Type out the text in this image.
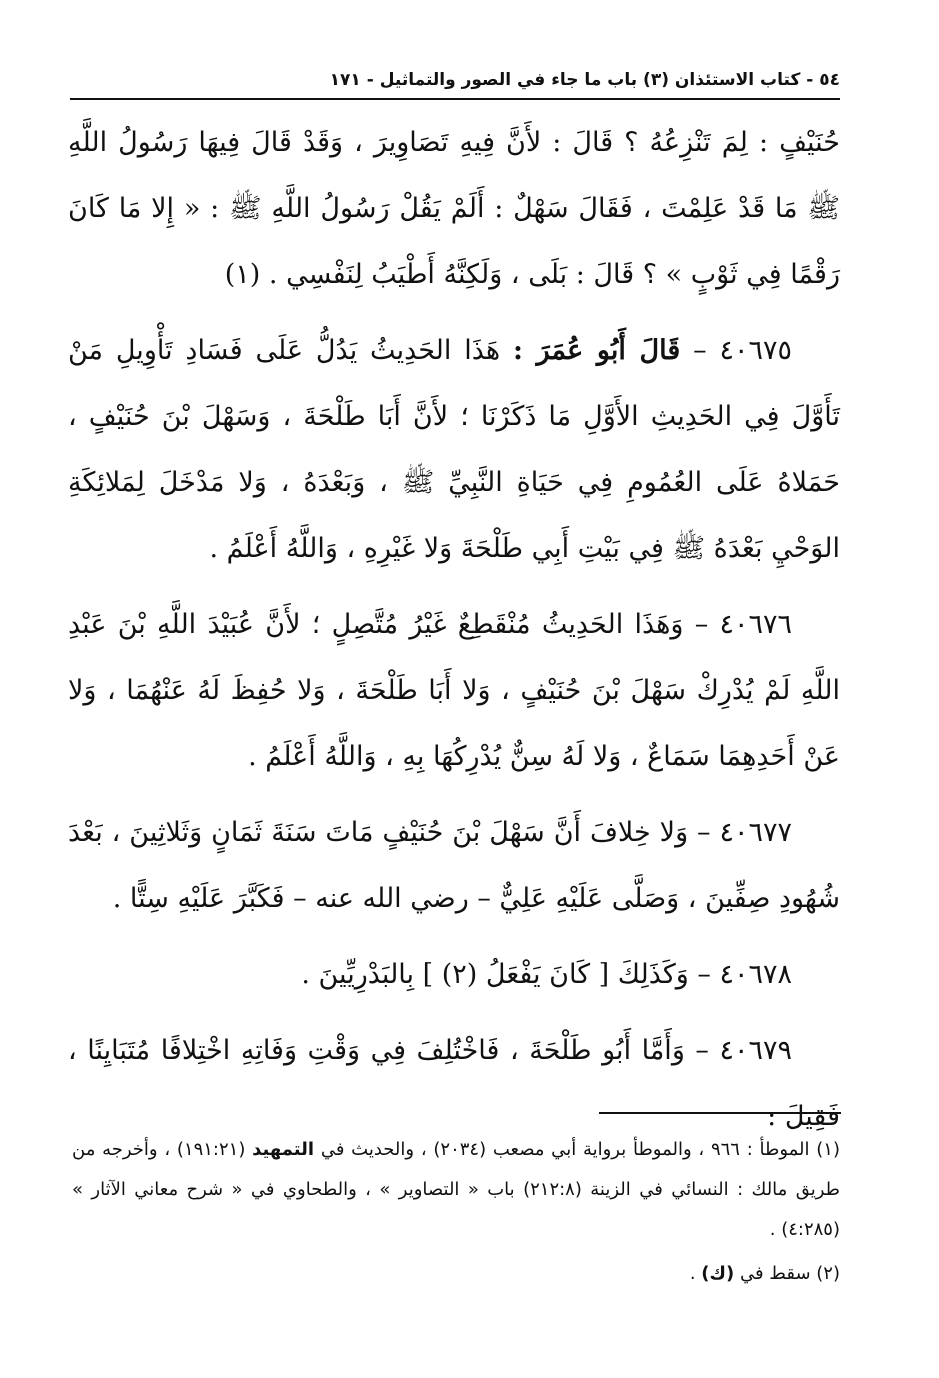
٥٤ - كتاب الاستئذان (٣) باب ما جاء في الصور والتماثيل - ١٧١

حُنَيْفٍ : لِمَ تَنْزِعُهُ ؟ قَالَ : لأَنَّ فِيهِ تَصَاوِيرَ ، وَقَدْ قَالَ فِيهَا رَسُولُ اللَّهِ ﷺ مَا قَدْ عَلِمْتَ ، فَقَالَ سَهْلٌ : أَلَمْ يَقُلْ رَسُولُ اللَّهِ ﷺ : « إِلا مَا كَانَ رَقْمًا فِي ثَوْبٍ » ؟ قَالَ : بَلَى ، وَلَكِنَّهُ أَطْيَبُ لِنَفْسِي . (١)

٤٠٦٧٥ – قَالَ أَبُو عُمَرَ : هَذَا الحَدِيثُ يَدُلُّ عَلَى فَسَادِ تَأْوِيلِ مَنْ تَأَوَّلَ فِي الحَدِيثِ الأَوَّلِ مَا ذَكَرْنَا ؛ لأَنَّ أَبَا طَلْحَةَ ، وَسَهْلَ بْنَ حُنَيْفٍ ، حَمَلاهُ عَلَى العُمُومِ فِي حَيَاةِ النَّبِيِّ ﷺ ، وَبَعْدَهُ ، وَلا مَدْخَلَ لِمَلائِكَةِ الوَحْيِ بَعْدَهُ ﷺ فِي بَيْتِ أَبِي طَلْحَةَ وَلا غَيْرِهِ ، وَاللَّهُ أَعْلَمُ .

٤٠٦٧٦ – وَهَذَا الحَدِيثُ مُنْقَطِعٌ غَيْرُ مُتَّصِلٍ ؛ لأَنَّ عُبَيْدَ اللَّهِ بْنَ عَبْدِ اللَّهِ لَمْ يُدْرِكْ سَهْلَ بْنَ حُنَيْفٍ ، وَلا أَبَا طَلْحَةَ ، وَلا حُفِظَ لَهُ عَنْهُمَا ، وَلا عَنْ أَحَدِهِمَا سَمَاعٌ ، وَلا لَهُ سِنٌّ يُدْرِكُهَا بِهِ ، وَاللَّهُ أَعْلَمُ .

٤٠٦٧٧ – وَلا خِلافَ أَنَّ سَهْلَ بْنَ حُنَيْفٍ مَاتَ سَنَةَ ثَمَانٍ وَثَلاثِينَ ، بَعْدَ شُهُودِ صِفِّينَ ، وَصَلَّى عَلَيْهِ عَلِيٌّ – رضي الله عنه – فَكَبَّرَ عَلَيْهِ سِتًّا .

٤٠٦٧٨ – وَكَذَلِكَ [ كَانَ يَفْعَلُ (٢) ] بِالبَدْرِيِّينَ .

٤٠٦٧٩ – وَأَمَّا أَبُو طَلْحَةَ ، فَاخْتُلِفَ فِي وَقْتِ وَفَاتِهِ اخْتِلافًا مُتَبَايِنًا ، فَقِيلَ :

(١) الموطأ : ٩٦٦ ، والموطأ برواية أبي مصعب (٢٠٣٤) ، والحديث في التمهيد (١٩١:٢١) ، وأخرجه من طريق مالك : النسائي في الزينة (٢١٢:٨) باب « التصاوير » ، والطحاوي في « شرح معاني الآثار » (٤:٢٨٥) .

(٢) سقط في (ك) .
